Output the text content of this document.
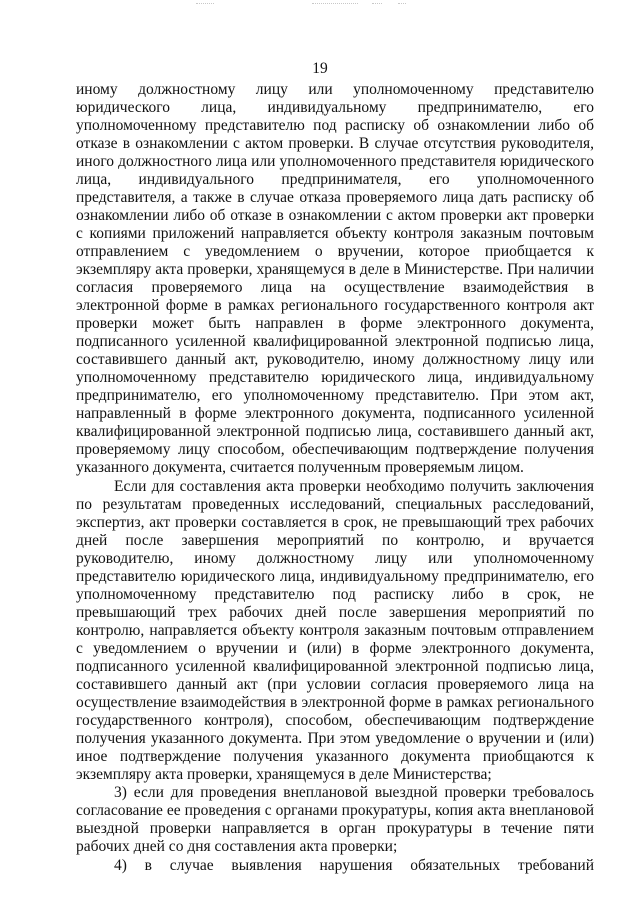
19

иному должностному лицу или уполномоченному представителю юридического лица, индивидуальному предпринимателю, его уполномоченному представителю под расписку об ознакомлении либо об отказе в ознакомлении с актом проверки. В случае отсутствия руководителя, иного должностного лица или уполномоченного представителя юридического лица, индивидуального предпринимателя, его уполномоченного представителя, а также в случае отказа проверяемого лица дать расписку об ознакомлении либо об отказе в ознакомлении с актом проверки акт проверки с копиями приложений направляется объекту контроля заказным почтовым отправлением с уведомлением о вручении, которое приобщается к экземпляру акта проверки, хранящемуся в деле в Министерстве. При наличии согласия проверяемого лица на осуществление взаимодействия в электронной форме в рамках регионального государственного контроля акт проверки может быть направлен в форме электронного документа, подписанного усиленной квалифицированной электронной подписью лица, составившего данный акт, руководителю, иному должностному лицу или уполномоченному представителю юридического лица, индивидуальному предпринимателю, его уполномоченному представителю. При этом акт, направленный в форме электронного документа, подписанного усиленной квалифицированной электронной подписью лица, составившего данный акт, проверяемому лицу способом, обеспечивающим подтверждение получения указанного документа, считается полученным проверяемым лицом.

Если для составления акта проверки необходимо получить заключения по результатам проведенных исследований, специальных расследований, экспертиз, акт проверки составляется в срок, не превышающий трех рабочих дней после завершения мероприятий по контролю, и вручается руководителю, иному должностному лицу или уполномоченному представителю юридического лица, индивидуальному предпринимателю, его уполномоченному представителю под расписку либо в срок, не превышающий трех рабочих дней после завершения мероприятий по контролю, направляется объекту контроля заказным почтовым отправлением с уведомлением о вручении и (или) в форме электронного документа, подписанного усиленной квалифицированной электронной подписью лица, составившего данный акт (при условии согласия проверяемого лица на осуществление взаимодействия в электронной форме в рамках регионального государственного контроля), способом, обеспечивающим подтверждение получения указанного документа. При этом уведомление о вручении и (или) иное подтверждение получения указанного документа приобщаются к экземпляру акта проверки, хранящемуся в деле Министерства;

3) если для проведения внеплановой выездной проверки требовалось согласование ее проведения с органами прокуратуры, копия акта внеплановой выездной проверки направляется в орган прокуратуры в течение пяти рабочих дней со дня составления акта проверки;

4) в случае выявления нарушения обязательных требований
